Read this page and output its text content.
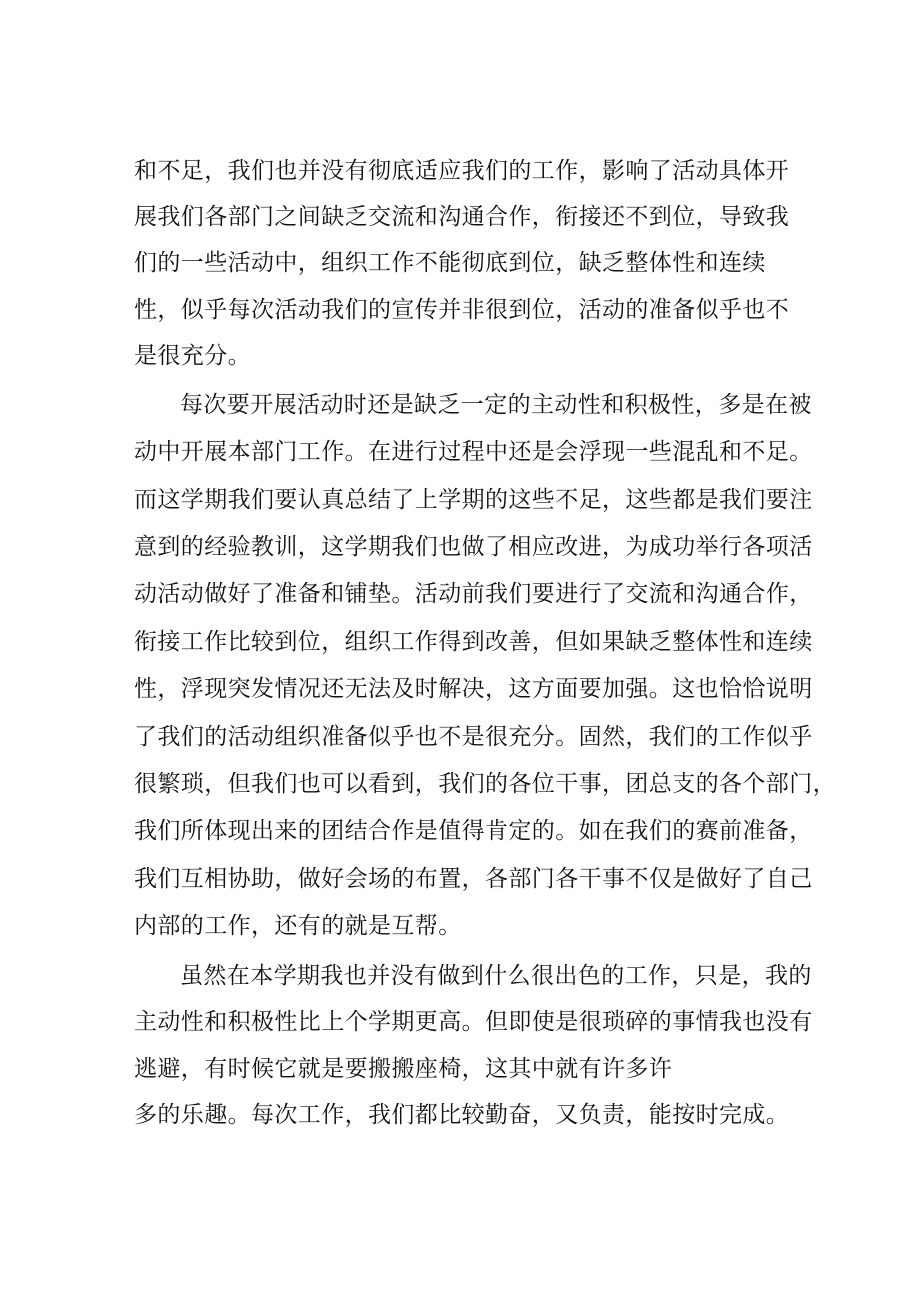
和不足，我们也并没有彻底适应我们的工作，影响了活动具体开
展我们各部门之间缺乏交流和沟通合作，衔接还不到位，导致我
们的一些活动中，组织工作不能彻底到位，缺乏整体性和连续
性，似乎每次活动我们的宣传并非很到位，活动的准备似乎也不
是很充分。
每次要开展活动时还是缺乏一定的主动性和积极性，多是在被
动中开展本部门工作。在进行过程中还是会浮现一些混乱和不足。
而这学期我们要认真总结了上学期的这些不足，这些都是我们要注
意到的经验教训，这学期我们也做了相应改进，为成功举行各项活
动活动做好了准备和铺垫。活动前我们要进行了交流和沟通合作，
衔接工作比较到位，组织工作得到改善，但如果缺乏整体性和连续
性，浮现突发情况还无法及时解决，这方面要加强。这也恰恰说明
了我们的活动组织准备似乎也不是很充分。固然，我们的工作似乎
很繁琐，但我们也可以看到，我们的各位干事，团总支的各个部门，
我们所体现出来的团结合作是值得肯定的。如在我们的赛前准备，
我们互相协助，做好会场的布置，各部门各干事不仅是做好了自己
内部的工作，还有的就是互帮。
虽然在本学期我也并没有做到什么很出色的工作，只是，我的
主动性和积极性比上个学期更高。但即使是很琐碎的事情我也没有
逃避，有时候它就是要搬搬座椅，这其中就有许多许
多的乐趣。每次工作，我们都比较勤奋，又负责，能按时完成。
